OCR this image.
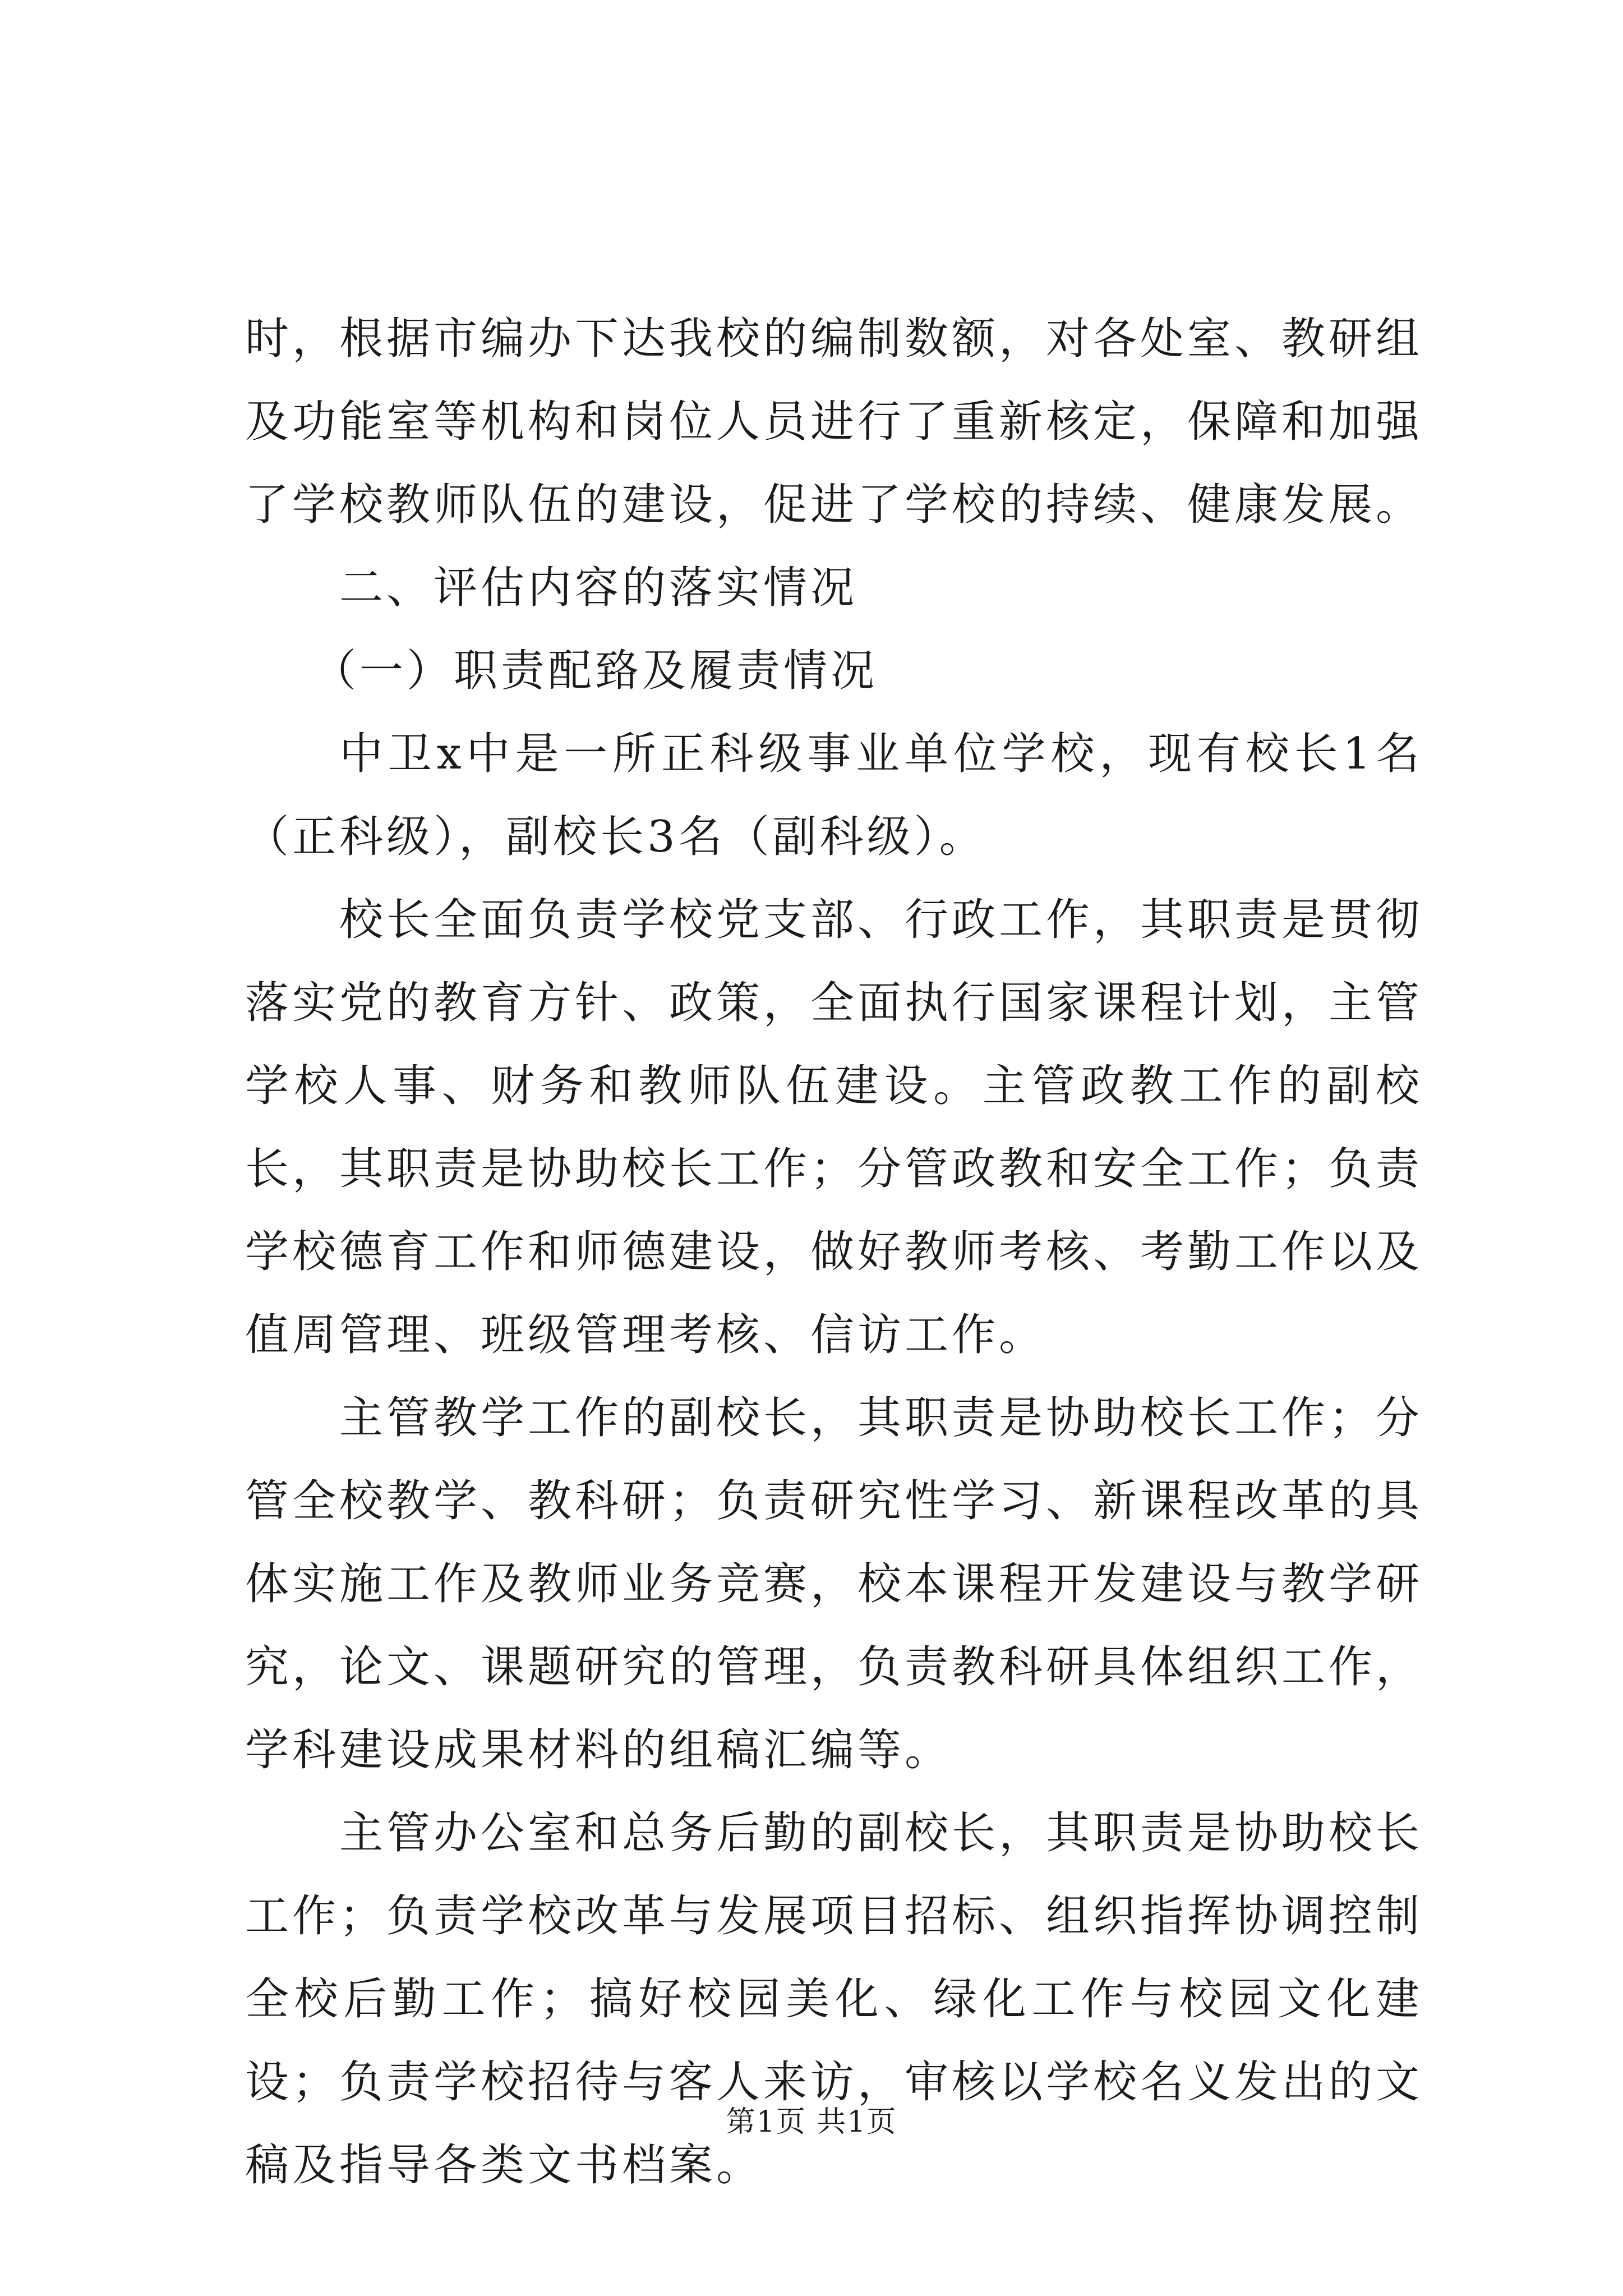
时，根据市编办下达我校的编制数额，对各处室、教研组及功能室等机构和岗位人员进行了重新核定，保障和加强了学校教师队伍的建设，促进了学校的持续、健康发展。

二、评估内容的落实情况

（一）职责配臵及履责情况

中卫x中是一所正科级事业单位学校，现有校长1名（正科级），副校长3名（副科级）。

校长全面负责学校党支部、行政工作，其职责是贯彻落实党的教育方针、政策，全面执行国家课程计划，主管学校人事、财务和教师队伍建设。主管政教工作的副校长，其职责是协助校长工作；分管政教和安全工作；负责学校德育工作和师德建设，做好教师考核、考勤工作以及值周管理、班级管理考核、信访工作。

主管教学工作的副校长，其职责是协助校长工作；分管全校教学、教科研；负责研究性学习、新课程改革的具体实施工作及教师业务竞赛，校本课程开发建设与教学研究，论文、课题研究的管理，负责教科研具体组织工作，学科建设成果材料的组稿汇编等。

主管办公室和总务后勤的副校长，其职责是协助校长工作；负责学校改革与发展项目招标、组织指挥协调控制全校后勤工作；搞好校园美化、绿化工作与校园文化建设；负责学校招待与客人来访，审核以学校名义发出的文稿及指导各类文书档案。

第1页 共1页
